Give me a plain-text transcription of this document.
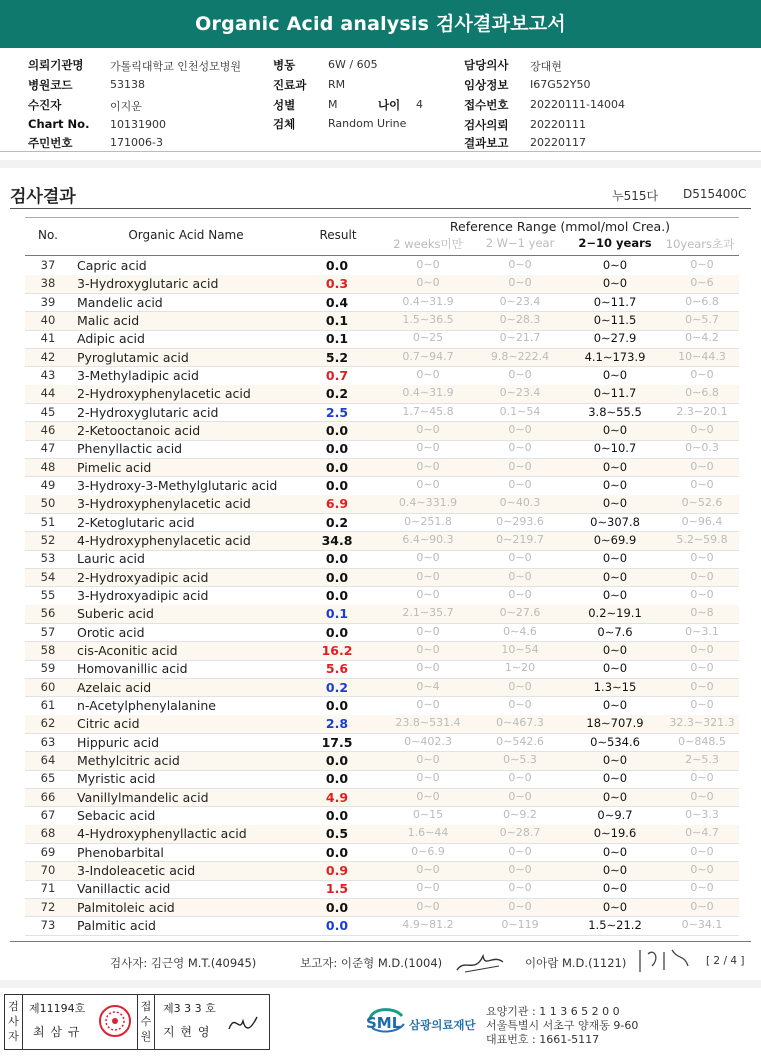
Organic Acid analysis 검사결과보고서
의뢰기관명 가톨릭대학교 인천성모병원
병원코드	53138
수진자	이지운
Chart No. 10131900
주민번호	171006-3
병동	6W / 605
진료과 RM
성별	M	나이 4
검체	Random Urine
담당의사 장대현
임상정보 I67G52Y50
접수번호 20220111-14004
검사의뢰 20220111
결과보고 20220117
검사결과	누515다 D515400C
No.	Organic Acid Name	Result
Reference Range (mmol/mol Crea.)
2 weeks미만	2 W−1 year	2−10 years	10years초과
37	Capric acid	0.0	0∼0	0∼0	0∼0	0∼0
38	3-Hydroxyglutaric acid	0.3	0∼0	0∼0	0∼0	0∼6
39	Mandelic acid	0.4	0.4∼31.9	0∼23.4	0∼11.7	0∼6.8
40	Malic acid	0.1	1.5∼36.5	0∼28.3	0∼11.5	0∼5.7
41	Adipic acid	0.1	0∼25	0∼21.7	0∼27.9	0∼4.2
42	Pyroglutamic acid	5.2	0.7∼94.7	9.8∼222.4	4.1∼173.9	10∼44.3
43	3-Methyladipic acid	0.7	0∼0	0∼0	0∼0	0∼0
44	2-Hydroxyphenylacetic acid	0.2	0.4∼31.9	0∼23.4	0∼11.7	0∼6.8
45	2-Hydroxyglutaric acid	2.5	1.7∼45.8	0.1∼54	3.8∼55.5	2.3∼20.1
46	2-Ketooctanoic acid	0.0	0∼0	0∼0	0∼0	0∼0
47	Phenyllactic acid	0.0	0∼0	0∼0	0∼10.7	0∼0.3
48	Pimelic acid	0.0	0∼0	0∼0	0∼0	0∼0
49	3-Hydroxy-3-Methylglutaric acid	0.0	0∼0	0∼0	0∼0	0∼0
50	3-Hydroxyphenylacetic acid	6.9	0.4∼331.9	0∼40.3	0∼0	0∼52.6
51	2-Ketoglutaric acid	0.2	0∼251.8	0∼293.6	0∼307.8	0∼96.4
52	4-Hydroxyphenylacetic acid	34.8	6.4∼90.3	0∼219.7	0∼69.9	5.2∼59.8
53	Lauric acid	0.0	0∼0	0∼0	0∼0	0∼0
54	2-Hydroxyadipic acid	0.0	0∼0	0∼0	0∼0	0∼0
55	3-Hydroxyadipic acid	0.0	0∼0	0∼0	0∼0	0∼0
56	Suberic acid	0.1	2.1∼35.7	0∼27.6	0.2∼19.1	0∼8
57	Orotic acid	0.0	0∼0	0∼4.6	0∼7.6	0∼3.1
58	cis-Aconitic acid	16.2	0∼0	10∼54	0∼0	0∼0
59	Homovanillic acid	5.6	0∼0	1∼20	0∼0	0∼0
60	Azelaic acid	0.2	0∼4	0∼0	1.3∼15	0∼0
61	n-Acetylphenylalanine	0.0	0∼0	0∼0	0∼0	0∼0
62	Citric acid	2.8	23.8∼531.4	0∼467.3	18∼707.9	32.3∼321.3
63	Hippuric acid	17.5	0∼402.3	0∼542.6	0∼534.6	0∼848.5
64	Methylcitric acid	0.0	0∼0	0∼5.3	0∼0	2∼5.3
65	Myristic acid	0.0	0∼0	0∼0	0∼0	0∼0
66	Vanillylmandelic acid	4.9	0∼0	0∼0	0∼0	0∼0
67	Sebacic acid	0.0	0∼15	0∼9.2	0∼9.7	0∼3.3
68	4-Hydroxyphenyllactic acid	0.5	1.6∼44	0∼28.7	0∼19.6	0∼4.7
69	Phenobarbital	0.0	0∼6.9	0∼0	0∼0	0∼0
70	3-Indoleacetic acid	0.9	0∼0	0∼0	0∼0	0∼0
71	Vanillactic acid	1.5	0∼0	0∼0	0∼0	0∼0
72	Palmitoleic acid	0.0	0∼0	0∼0	0∼0	0∼0
73	Palmitic acid	0.0	4.9∼81.2	0∼119	1.5∼21.2	0∼34.1
검사자: 김근영 M.T.(40945)	보고자: 이준형 M.D.(1004)	이아람 M.D.(1121)	[ 2 / 4 ]
검사자
제11194호
최 삼 규
접수원
제3 3 3 호
지 현 영	SML 삼광의료재단
요양기관 : 1 1 3 6 5 2 0 0
서울특별시 서초구 양재동 9-60
대표번호 : 1661-5117
